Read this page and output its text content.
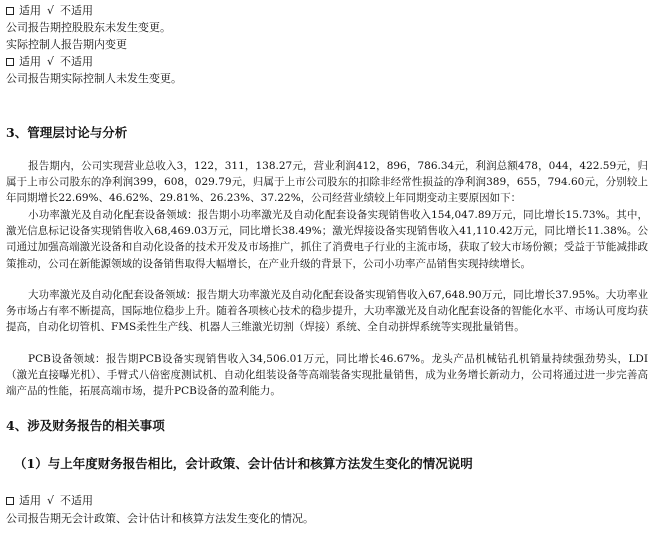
适用 √ 不适用
公司报告期控股股东未发生变更。
实际控制人报告期内变更
适用 √ 不适用
公司报告期实际控制人未发生变更。
3、管理层讨论与分析
报告期内，公司实现营业总收入3，122，311，138.27元，营业利润412，896，786.34元，利润总额478，044，422.59元，归属于上市公司股东的净利润399，608，029.79元，归属于上市公司股东的扣除非经常性损益的净利润389，655，794.60元，分别较上年同期增长22.69%、46.62%、29.81%、26.23%、37.22%，公司经营业绩较上年同期变动主要原因如下：
小功率激光及自动化配套设备领域：报告期小功率激光及自动化配套设备实现销售收入154,047.89万元，同比增长15.73%。其中，激光信息标记设备实现销售收入68,469.03万元，同比增长38.49%；激光焊接设备实现销售收入41,110.42万元，同比增长11.38%。公司通过加强高端激光设备和自动化设备的技术开发及市场推广，抓住了消费电子行业的主流市场，获取了较大市场份额；受益于节能减排政策推动，公司在新能源领域的设备销售取得大幅增长，在产业升级的背景下，公司小功率产品销售实现持续增长。
大功率激光及自动化配套设备领域：报告期大功率激光及自动化配套设备实现销售收入67,648.90万元，同比增长37.95%。大功率业务市场占有率不断提高，国际地位稳步上升。随着各项核心技术的稳步提升，大功率激光及自动化配套设备的智能化水平、市场认可度均获提高，自动化切管机、FMS柔性生产线、机器人三维激光切割（焊接）系统、全自动拼焊系统等实现批量销售。
PCB设备领域：报告期PCB设备实现销售收入34,506.01万元，同比增长46.67%。龙头产品机械钻孔机销量持续强劲势头，LDI（激光直接曝光机）、手臂式八倍密度测试机、自动化组装设备等高端装备实现批量销售，成为业务增长新动力，公司将通过进一步完善高端产品的性能，拓展高端市场，提升PCB设备的盈利能力。
4、涉及财务报告的相关事项
（1）与上年度财务报告相比，会计政策、会计估计和核算方法发生变化的情况说明
适用 √ 不适用
公司报告期无会计政策、会计估计和核算方法发生变化的情况。
